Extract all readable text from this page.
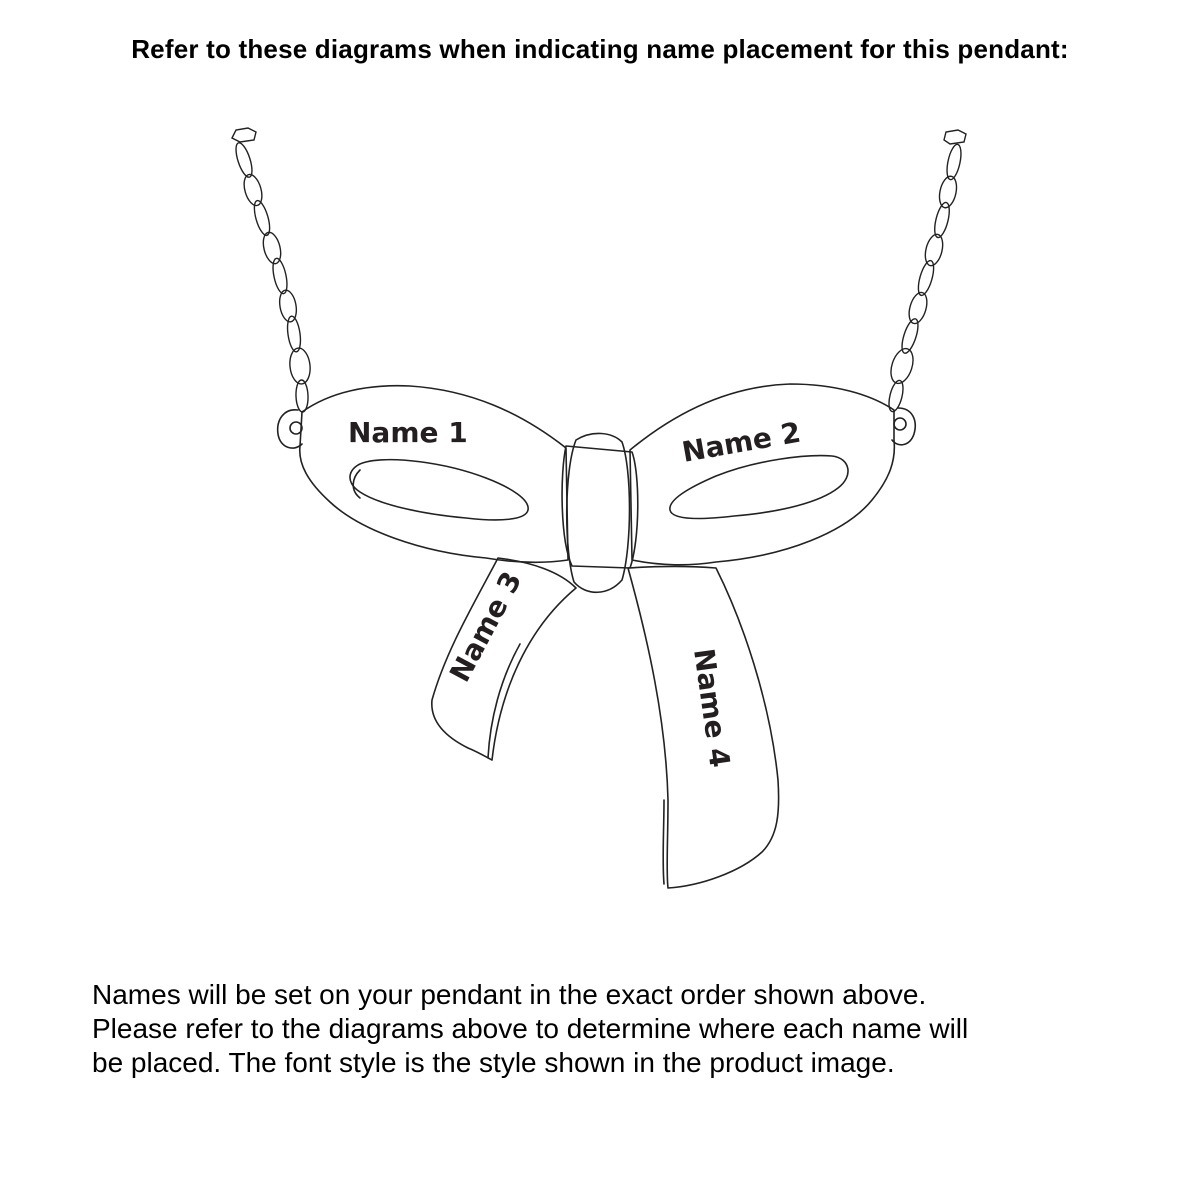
Refer to these diagrams when indicating name placement for this pendant:
Name 1	Name 2
Name 3
Name 4

Names will be set on your pendant in the exact order shown above.
Please refer to the diagrams above to determine where each name will
be placed. The font style is the style shown in the product image.
